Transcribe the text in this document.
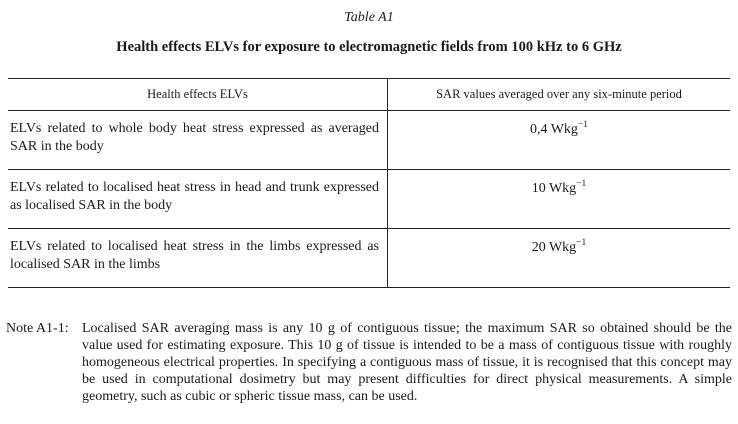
Table A1
Health effects ELVs for exposure to electromagnetic fields from 100 kHz to 6 GHz
Health effects ELVs	SAR values averaged over any six-minute period
ELVs related to whole body heat stress expressed as averaged SAR in the body	0,4 Wkg$^{-1}$
ELVs related to localised heat stress in head and trunk expressed as localised SAR in the body	10 Wkg$^{-1}$
ELVs related to localised heat stress in the limbs expressed as localised SAR in the limbs	20 Wkg$^{-1}$
Note A1-1: Localised SAR averaging mass is any 10 g of contiguous tissue; the maximum SAR so obtained should be the value used for estimating exposure. This 10 g of tissue is intended to be a mass of contiguous tissue with roughly homogeneous electrical properties. In specifying a contiguous mass of tissue, it is recognised that this concept may be used in computational dosimetry but may present difficulties for direct physical measurements. A simple geometry, such as cubic or spheric tissue mass, can be used.
